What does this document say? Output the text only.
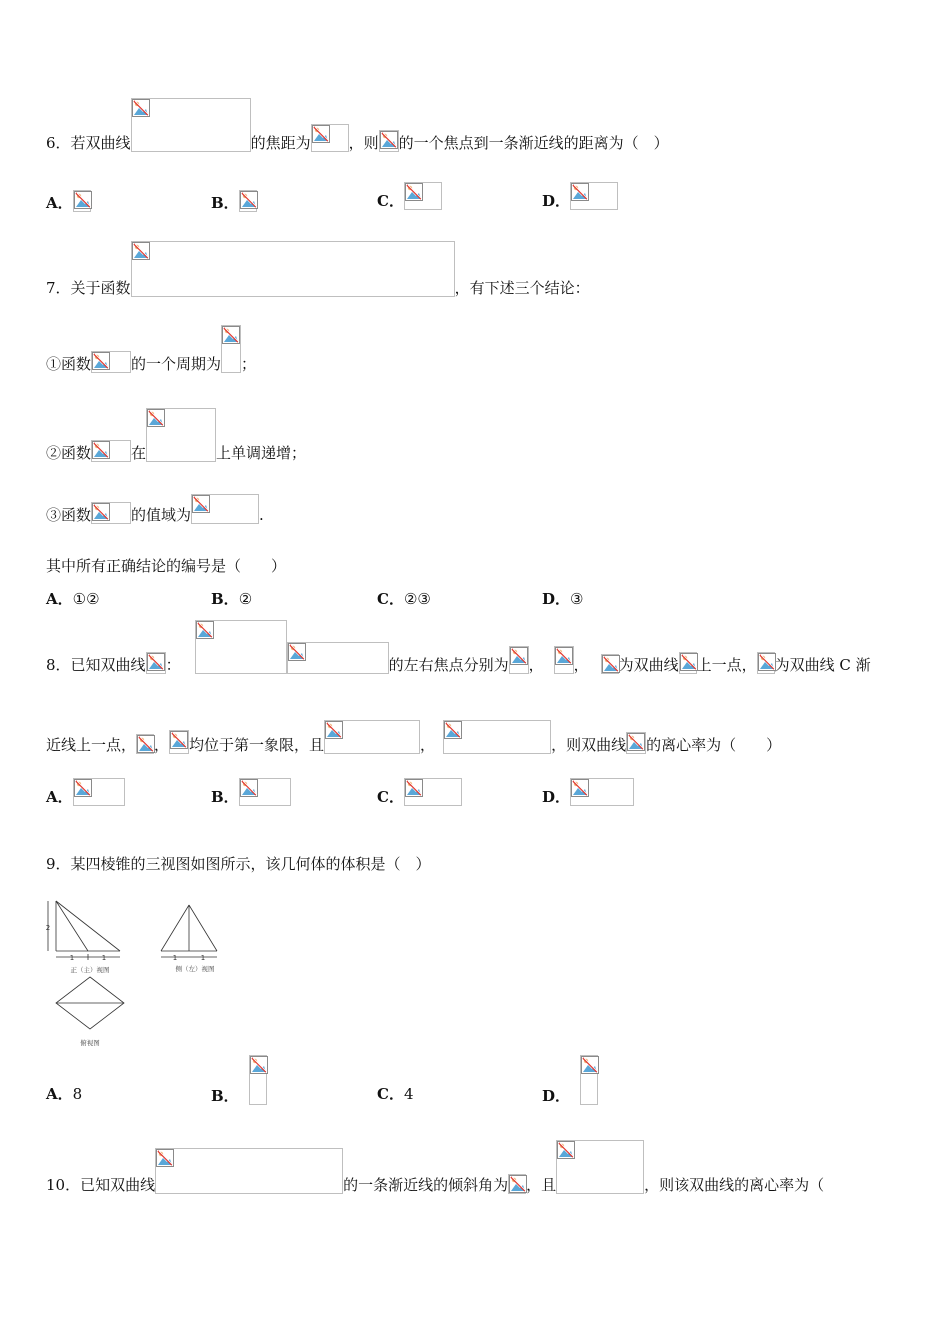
6． 若双曲线	的焦距为	，则 的一个焦点到一条渐近线的距离为（　）
A．	B．	C．	D．
7． 关于函数	，有下述三个结论：
①函数	的一个周期为 ；
②函数	在	上单调递增；
③函数	的值域为	.
其中所有正确结论的编号是（　　）
A． ①②	B． ②	C． ②③	D． ③
8． 已知双曲线 ：	的左右焦点分别为 ， ， 为双曲线 上一点， 为双曲线 C 渐
近线上一点， ， 均位于第一象限，且	，	，则双曲线 的离心率为（　　）
A．	B．	C．	D．
9． 某四棱锥的三视图如图所示，该几何体的体积是（　）
2
1	1
正（主）视图
1	1
侧（左）视图
俯视图
A． 8	B．	C． 4	D．
10． 已知双曲线	的一条渐近线的倾斜角为 ，且	，则该双曲线的离心率为（
